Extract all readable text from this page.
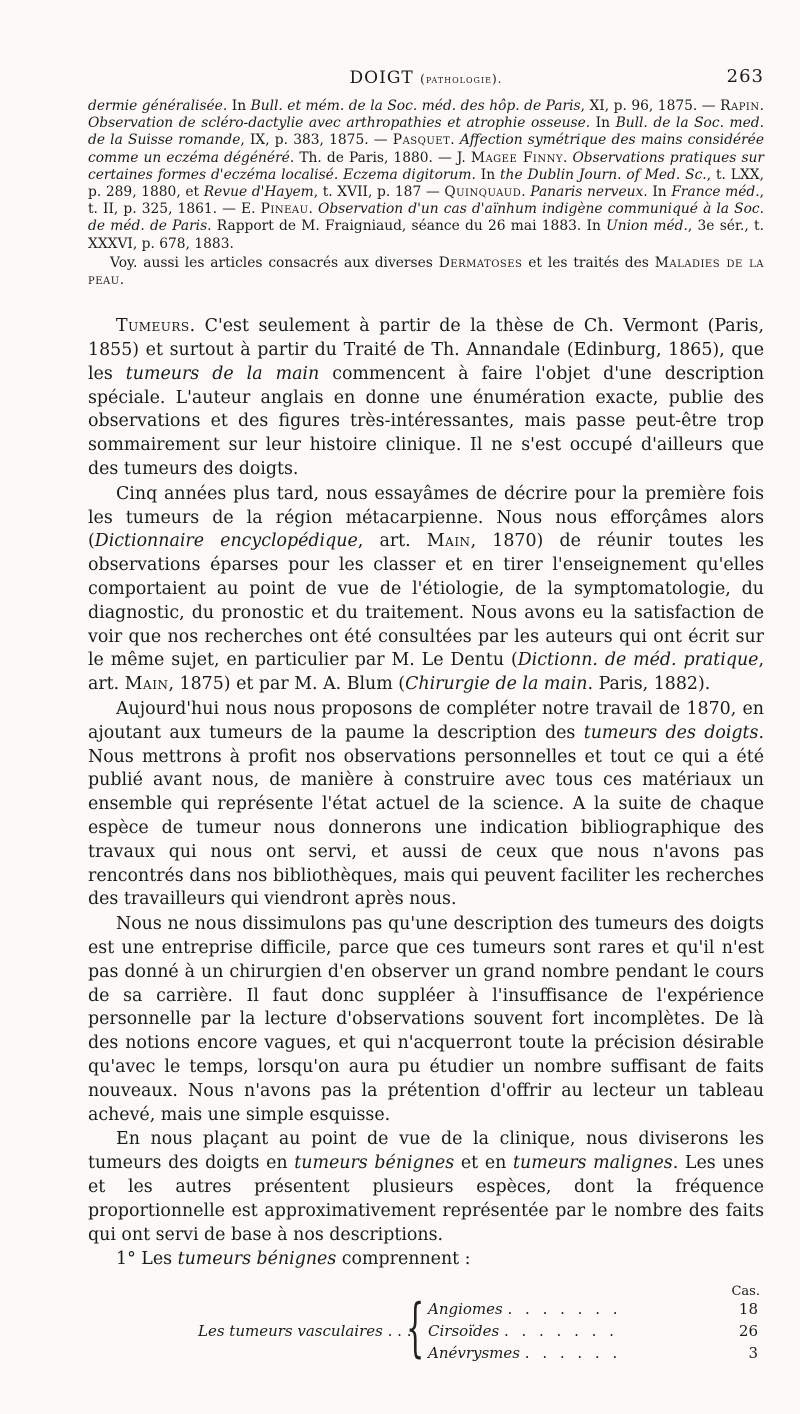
DOIGT (pathologie).	263

dermie généralisée. In Bull. et mém. de la Soc. méd. des hôp. de Paris, XI, p. 96, 1875. — Rapin. Observation de scléro-dactylie avec arthropathies et atrophie osseuse. In Bull. de la Soc. med. de la Suisse romande, IX, p. 383, 1875. — Pasquet. Affection symétrique des mains considérée comme un eczéma dégénéré. Th. de Paris, 1880. — J. Magee Finny. Observations pratiques sur certaines formes d'eczéma localisé. Eczema digitorum. In the Dublin Journ. of Med. Sc., t. LXX, p. 289, 1880, et Revue d'Hayem, t. XVII, p. 187 — Quinquaud. Panaris nerveux. In France méd., t. II, p. 325, 1861. — E. Pineau. Observation d'un cas d'aïnhum indigène communiqué à la Soc. de méd. de Paris. Rapport de M. Fraigniaud, séance du 26 mai 1883. In Union méd., 3e sér., t. XXXVI, p. 678, 1883.

Voy. aussi les articles consacrés aux diverses Dermatoses et les traités des Maladies de la peau.

Tumeurs. C'est seulement à partir de la thèse de Ch. Vermont (Paris, 1855) et surtout à partir du Traité de Th. Annandale (Edinburg, 1865), que les tumeurs de la main commencent à faire l'objet d'une description spéciale. L'auteur anglais en donne une énumération exacte, publie des observations et des figures très-intéressantes, mais passe peut-être trop sommairement sur leur histoire clinique. Il ne s'est occupé d'ailleurs que des tumeurs des doigts.

Cinq années plus tard, nous essayâmes de décrire pour la première fois les tumeurs de la région métacarpienne. Nous nous efforçâmes alors (Dictionnaire encyclopédique, art. Main, 1870) de réunir toutes les observations éparses pour les classer et en tirer l'enseignement qu'elles comportaient au point de vue de l'étiologie, de la symptomatologie, du diagnostic, du pronostic et du traitement. Nous avons eu la satisfaction de voir que nos recherches ont été consultées par les auteurs qui ont écrit sur le même sujet, en particulier par M. Le Dentu (Dictionn. de méd. pratique, art. Main, 1875) et par M. A. Blum (Chirurgie de la main. Paris, 1882).

Aujourd'hui nous nous proposons de compléter notre travail de 1870, en ajoutant aux tumeurs de la paume la description des tumeurs des doigts. Nous mettrons à profit nos observations personnelles et tout ce qui a été publié avant nous, de manière à construire avec tous ces matériaux un ensemble qui représente l'état actuel de la science. A la suite de chaque espèce de tumeur nous donnerons une indication bibliographique des travaux qui nous ont servi, et aussi de ceux que nous n'avons pas rencontrés dans nos bibliothèques, mais qui peuvent faciliter les recherches des travailleurs qui viendront après nous.

Nous ne nous dissimulons pas qu'une description des tumeurs des doigts est une entreprise difficile, parce que ces tumeurs sont rares et qu'il n'est pas donné à un chirurgien d'en observer un grand nombre pendant le cours de sa carrière. Il faut donc suppléer à l'insuffisance de l'expérience personnelle par la lecture d'observations souvent fort incomplètes. De là des notions encore vagues, et qui n'acquerront toute la précision désirable qu'avec le temps, lorsqu'on aura pu étudier un nombre suffisant de faits nouveaux. Nous n'avons pas la prétention d'offrir au lecteur un tableau achevé, mais une simple esquisse.

En nous plaçant au point de vue de la clinique, nous diviserons les tumeurs des doigts en tumeurs bénignes et en tumeurs malignes. Les unes et les autres présentent plusieurs espèces, dont la fréquence proportionnelle est approximativement représentée par le nombre des faits qui ont servi de base à nos descriptions.

1° Les tumeurs bénignes comprennent :

Cas.
Les tumeurs vasculaires . . .
{ Angiomes . . . . . . .	18
Cirsoïdes . . . . . . .	26
Anévrysmes . . . . . .	3
